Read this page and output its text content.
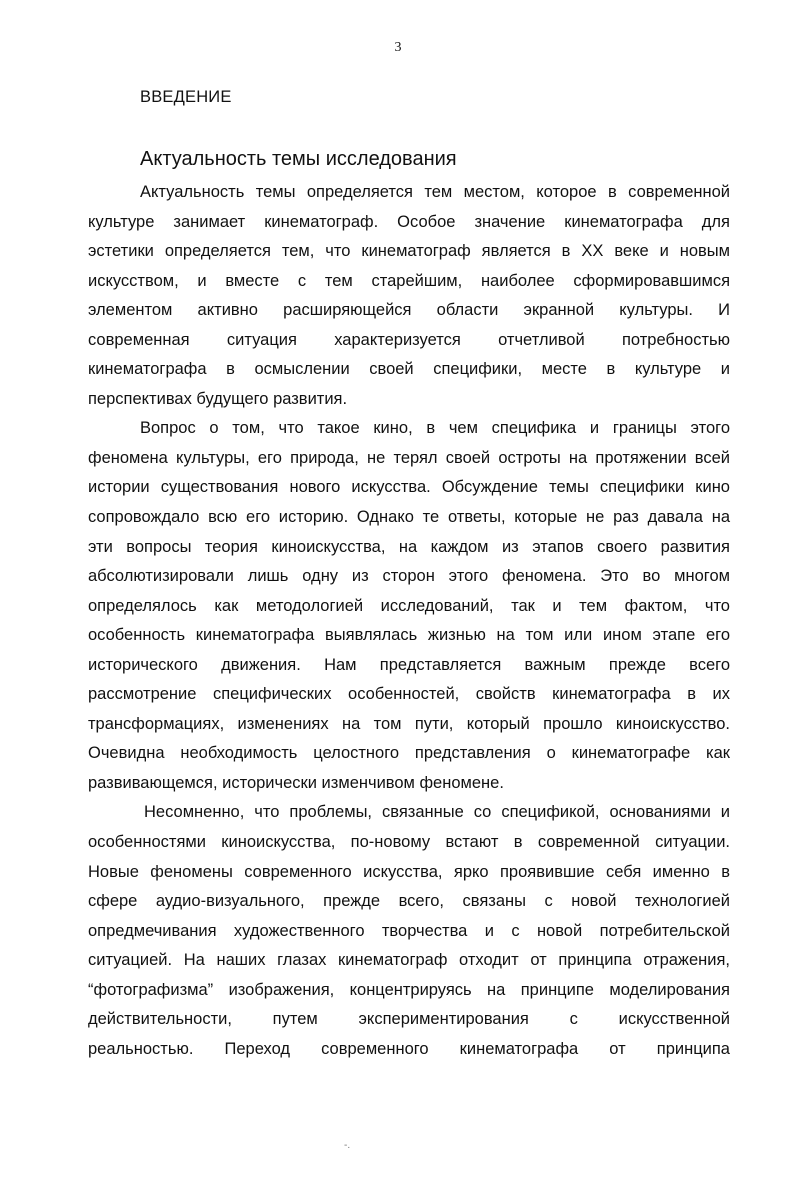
3
ВВЕДЕНИЕ
Актуальность темы исследования
Актуальность темы определяется тем местом, которое в современной
культуре занимает кинематограф. Особое значение кинематографа для
эстетики определяется тем, что кинематограф является в XX веке и новым
искусством, и вместе с тем старейшим, наиболее сформировавшимся
элементом активно расширяющейся области экранной культуры. И
современная ситуация характеризуется отчетливой потребностью
кинематографа в осмыслении своей специфики, месте в культуре и
перспективах будущего развития.
Вопрос о том, что такое кино, в чем специфика и границы этого
феномена культуры, его природа, не терял своей остроты на протяжении всей
истории существования нового искусства. Обсуждение темы специфики кино
сопровождало всю его историю. Однако те ответы, которые не раз давала на
эти вопросы теория киноискусства, на каждом из этапов своего развития
абсолютизировали лишь одну из сторон этого феномена. Это во многом
определялось как методологией исследований, так и тем фактом, что
особенность кинематографа выявлялась жизнью на том или ином этапе его
исторического движения. Нам представляется важным прежде всего
рассмотрение специфических особенностей, свойств кинематографа в их
трансформациях, изменениях на том пути, который прошло киноискусство.
Очевидна необходимость целостного представления о кинематографе как
развивающемся, исторически изменчивом феномене.
Несомненно, что проблемы, связанные со спецификой, основаниями и
особенностями киноискусства, по-новому встают в современной ситуации.
Новые феномены современного искусства, ярко проявившие себя именно в
сфере аудио-визуального, прежде всего, связаны с новой технологией
опредмечивания художественного творчества и с новой потребительской
ситуацией. На наших глазах кинематограф отходит от принципа отражения,
“фотографизма” изображения, концентрируясь на принципе моделирования
действительности, путем экспериментирования с искусственной
реальностью. Переход современного кинематографа от принципа
-.
